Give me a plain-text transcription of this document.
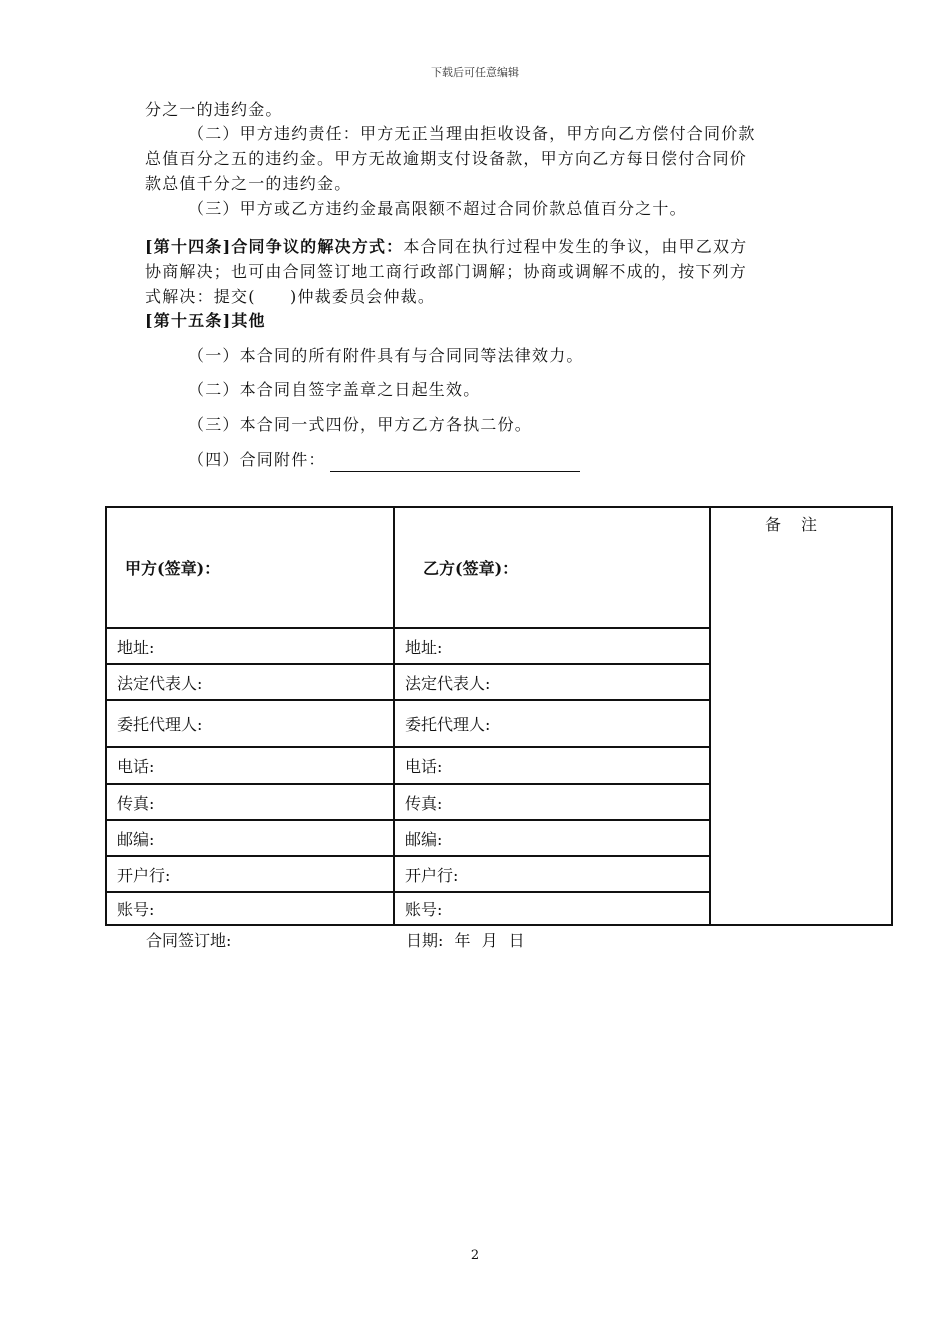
下载后可任意编辑
分之一的违约金。
（二）甲方违约责任：甲方无正当理由拒收设备，甲方向乙方偿付合同价款
总值百分之五的违约金。甲方无故逾期支付设备款，甲方向乙方每日偿付合同价
款总值千分之一的违约金。
（三）甲方或乙方违约金最高限额不超过合同价款总值百分之十。
[第十四条]合同争议的解决方式：本合同在执行过程中发生的争议，由甲乙双方
协商解决；也可由合同签订地工商行政部门调解；协商或调解不成的，按下列方
式解决：提交(　　)仲裁委员会仲裁。
[第十五条]其他
（一）本合同的所有附件具有与合同同等法律效力。
（二）本合同自签字盖章之日起生效。
（三）本合同一式四份，甲方乙方各执二份。
（四）合同附件：
甲方(签章)：	乙方(签章)：	备注
地址:	地址:	
法定代表人:	法定代表人:	
委托代理人:	委托代理人:	
电话:	电话:	
传真:	传真:	
邮编:	邮编:	
开户行:	开户行:	
账号:	账号:	
合同签订地:	日期: 年 月 日
2
